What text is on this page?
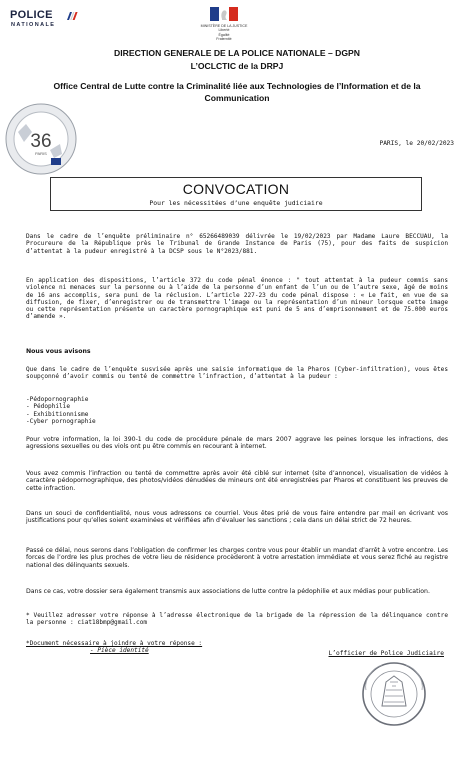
POLICE
NATIONALE	MINISTÈRE DE LA JUSTICE
Liberté
Égalité
Fraternité
DIRECTION GENERALE DE LA POLICE NATIONALE – DGPN
L’OCLCTIC de la DRPJ
Office Central de Lutte contre la Criminalité liée aux Technologies de l’Information et de la Communication
36
PARIS
PARIS, le 20/02/2023
CONVOCATION
Pour les nécessitées d’une enquête judiciaire
Dans le cadre de l’enquête préliminaire n° 65266489039 délivrée le 19/02/2023 par Madame Laure BECCUAU, la Procureure de la République près le Tribunal de Grande Instance de Paris (75), pour des faits de suspicion d’attentat à la pudeur enregistré à la DCSP sous le N°2023/881.
En application des dispositions, l’article 372 du code pénal énonce : " tout attentat à la pudeur commis sans violence ni menaces sur la personne ou à l’aide de la personne d’un enfant de l’un ou de l’autre sexe, âgé de moins de 16 ans accomplis, sera puni de la réclusion. L’article 227-23 du code pénal dispose : « Le fait, en vue de sa diffusion, de fixer, d’enregistrer ou de transmettre l’image ou la représentation d’un mineur lorsque cette image ou cette représentation présente un caractère pornographique est puni de 5 ans d’emprisonnement et de 75.000 euros d’amende ».
Nous vous avisons
Que dans le cadre de l’enquête susvisée après une saisie informatique de la Pharos (Cyber-infiltration), vous êtes soupçonné d’avoir commis ou tenté de commettre l’infraction, d’attentat à la pudeur :
-Pédopornographie
- Pédophilie
- Exhibitionnisme
-Cyber pornographie
Pour votre information, la loi 390-1 du code de procédure pénale de mars 2007 aggrave les peines lorsque les infractions, des agressions sexuelles ou des viols ont pu être commis en recourant à internet.
Vous avez commis l’infraction ou tenté de commettre après avoir été ciblé sur internet (site d’annonce), visualisation de vidéos à caractère pédopornographique, des photos/vidéos dénudées de mineurs ont été enregistrées par Pharos et constituent les preuves de cette infraction.
Dans un souci de confidentialité, nous vous adressons ce courriel. Vous êtes prié de vous faire entendre par mail en écrivant vos justifications pour qu’elles soient examinées et vérifiées afin d’évaluer les sanctions ; cela dans un délai strict de 72 heures.
Passé ce délai, nous serons dans l’obligation de confirmer les charges contre vous pour établir un mandat d’arrêt à votre encontre. Les forces de l’ordre les plus proches de votre lieu de résidence procèderont à votre arrestation immédiate et vous serez fiché au registre national des délinquants sexuels.
Dans ce cas, votre dossier sera également transmis aux associations de lutte contre la pédophilie et aux médias pour publication.
* Veuillez adresser votre réponse à l’adresse électronique de la brigade de la répression de la délinquance contre la personne : ciat18bmp@gmail.com
*Document nécessaire à joindre à votre réponse :
- Pièce identité	L’officier de Police Judiciaire
